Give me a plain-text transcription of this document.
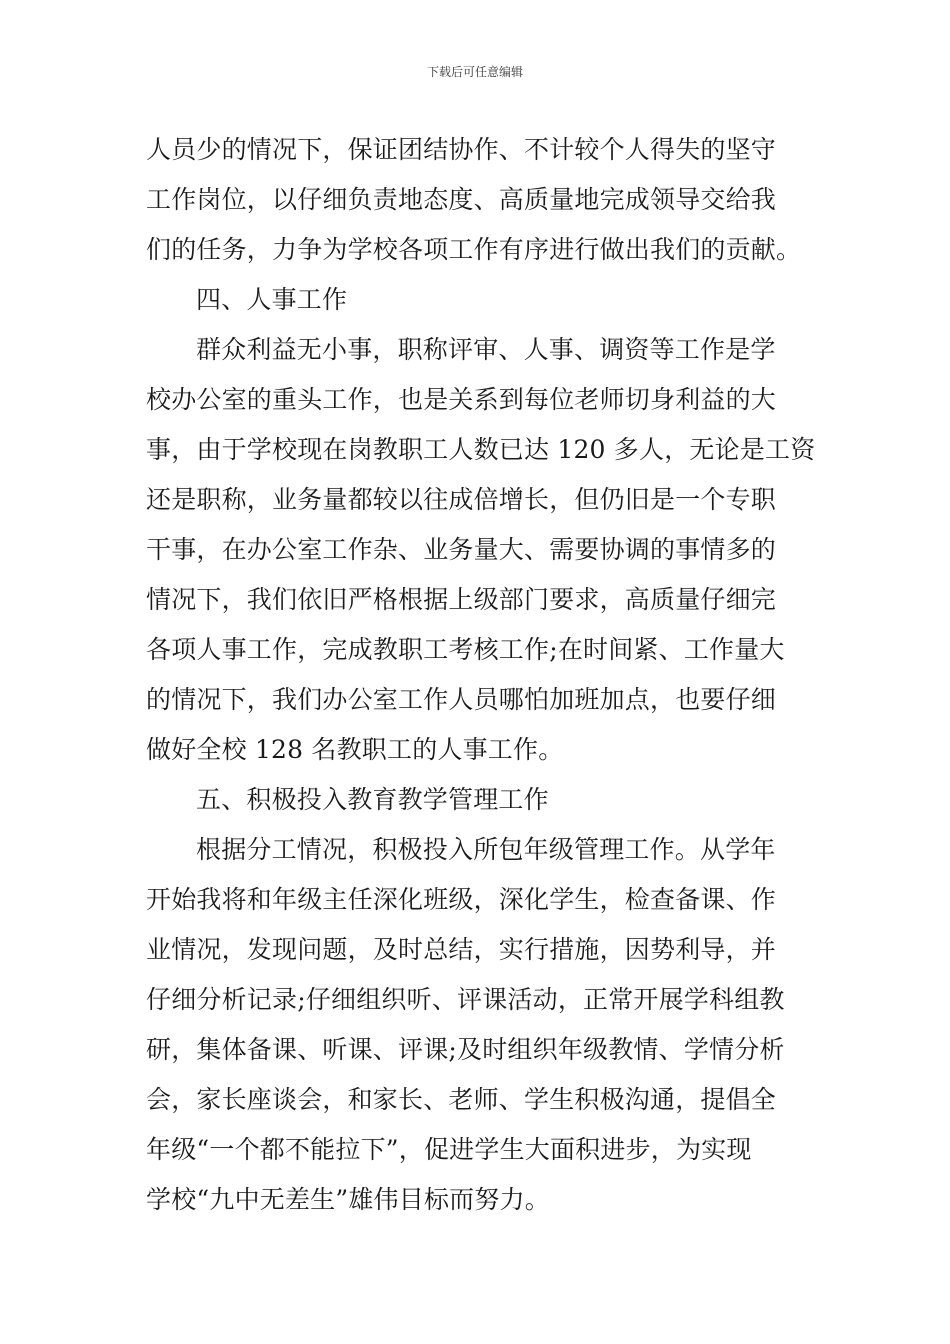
下载后可任意编辑
人员少的情况下，保证团结协作、不计较个人得失的坚守
工作岗位，以仔细负责地态度、高质量地完成领导交给我
们的任务，力争为学校各项工作有序进行做出我们的贡献。
四、人事工作
群众利益无小事，职称评审、人事、调资等工作是学
校办公室的重头工作，也是关系到每位老师切身利益的大
事，由于学校现在岗教职工人数已达 120 多人，无论是工资
还是职称，业务量都较以往成倍增长，但仍旧是一个专职
干事，在办公室工作杂、业务量大、需要协调的事情多的
情况下，我们依旧严格根据上级部门要求，高质量仔细完
各项人事工作，完成教职工考核工作;在时间紧、工作量大
的情况下，我们办公室工作人员哪怕加班加点，也要仔细
做好全校 128 名教职工的人事工作。
五、积极投入教育教学管理工作
根据分工情况，积极投入所包年级管理工作。从学年
开始我将和年级主任深化班级，深化学生，检查备课、作
业情况，发现问题，及时总结，实行措施，因势利导，并
仔细分析记录;仔细组织听、评课活动，正常开展学科组教
研，集体备课、听课、评课;及时组织年级教情、学情分析
会，家长座谈会，和家长、老师、学生积极沟通，提倡全
年级“一个都不能拉下”，促进学生大面积进步，为实现
学校“九中无差生”雄伟目标而努力。
